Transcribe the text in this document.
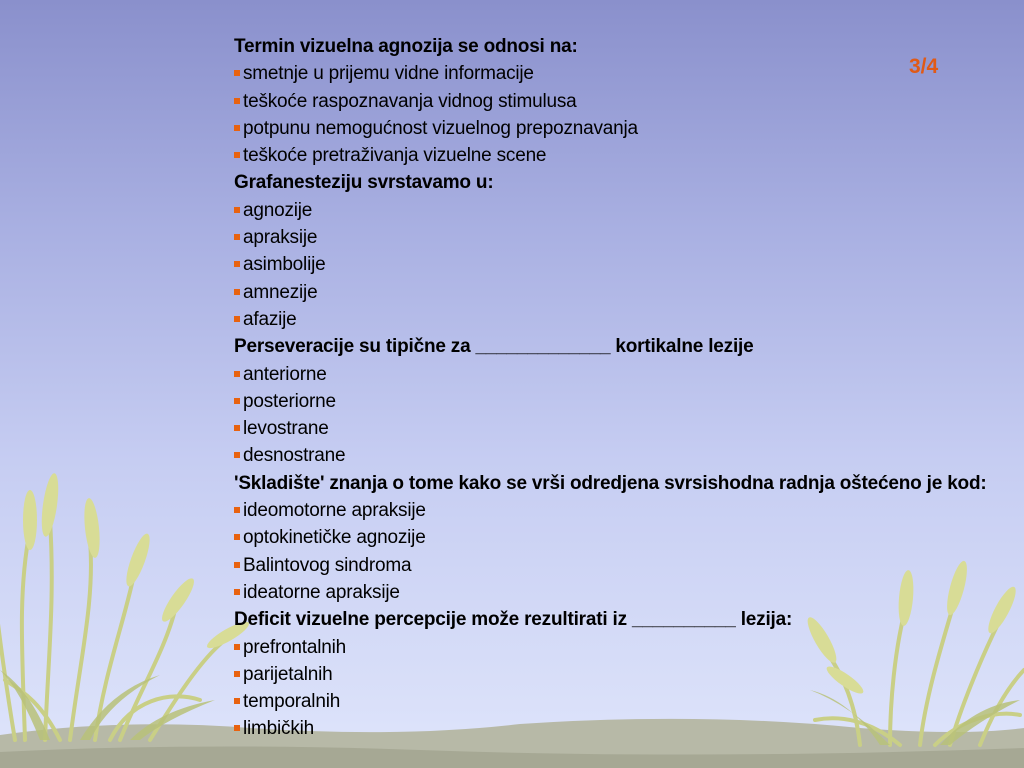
3/4
Termin vizuelna agnozija se odnosi na:
smetnje u prijemu vidne informacije
teškoće raspoznavanja vidnog stimulusa
potpunu nemogućnost vizuelnog prepoznavanja
teškoće pretraživanja vizuelne scene
Grafanesteziju svrstavamo u:
agnozije
apraksije
asimbolije
amnezije
afazije
Perseveracije su tipične za _____________ kortikalne lezije
anteriorne
posteriorne
levostrane
desnostrane
'Skladište' znanja o tome kako se vrši odredjena svrsishodna radnja oštećeno je kod:
ideomotorne apraksije
optokinetičke agnozije
Balintovog sindroma
ideatorne apraksije
Deficit vizuelne percepcije može rezultirati iz __________ lezija:
prefrontalnih
parijetalnih
temporalnih
limbičkih
